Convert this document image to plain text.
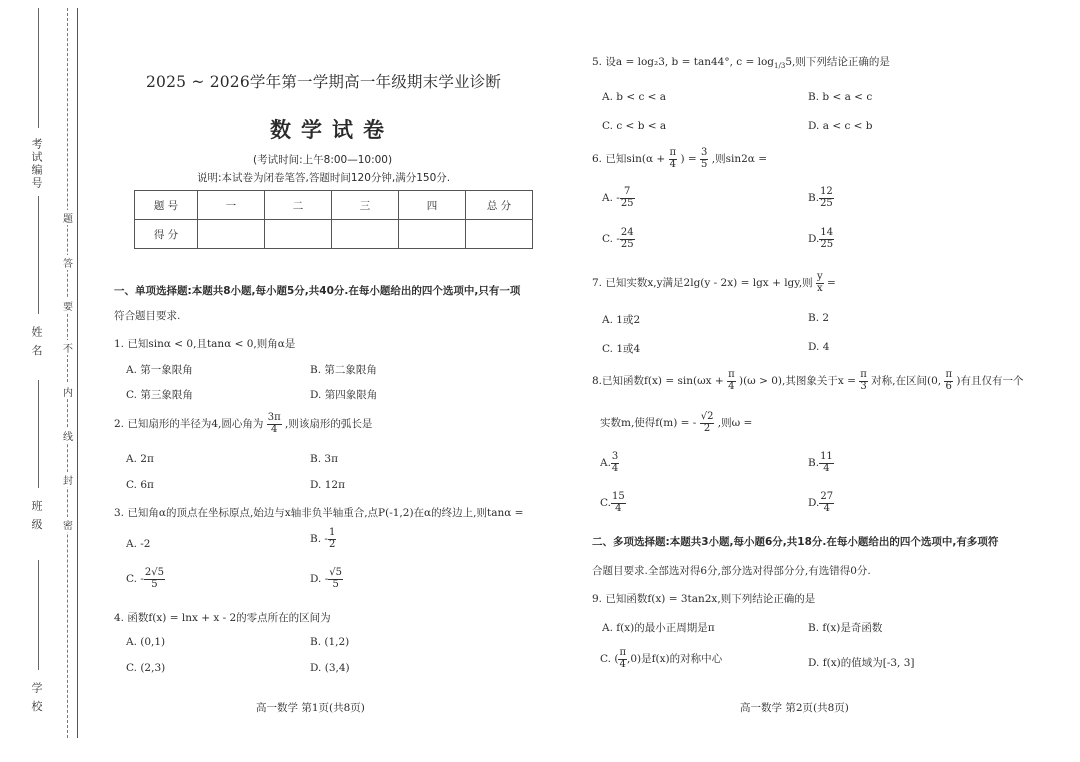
考试编号
姓 名
班 级
学 校
题
答
要
不
内
线
封
密
2025 ~ 2026学年第一学期高一年级期末学业诊断
数学试卷
(考试时间:上午8:00—10:00)
说明:本试卷为闭卷笔答,答题时间120分钟,满分150分.
题 号	一	二	三	四	总 分
得 分					
一、单项选择题:本题共8小题,每小题5分,共40分.在每小题给出的四个选项中,只有一项
符合题目要求.
1. 已知sinα < 0,且tanα < 0,则角α是
A. 第一象限角	B. 第二象限角
C. 第三象限角	D. 第四象限角
2. 已知扇形的半径为4,圆心角为 $\frac{3\pi}{4}$ ,则该扇形的弧长是
A. 2π	B. 3π
C. 6π	D. 12π
3. 已知角α的顶点在坐标原点,始边与x轴非负半轴重合,点P(-1,2)在α的终边上,则tanα =
A. -2	B. - $\frac{1}{2}$
C. - $\frac{2√5}{5}$	D. - $\frac{√5}{5}$
4. 函数f(x) = lnx + x - 2的零点所在的区间为
A. (0,1)	B. (1,2)
C. (2,3)	D. (3,4)
高一数学 第1页(共8页)
5. 设a = log₂3, b = tan44°, $c = \log_{1/3}5$,则下列结论正确的是
A. b < c < a	B. b < a < c
C. c < b < a	D. a < c < b
6. 已知$\sin(\alpha + \frac{\pi}{4}$ ) = $\frac{3}{5}$ ,则sin2α =
A. - $\frac{7}{25}$	B. $\frac{12}{25}$
C. - $\frac{24}{25}$	D. $\frac{14}{25}$
7. 已知实数x,y满足2lg(y - 2x) = lgx + lgy,则 $\frac{y}{x}$ =
A. 1或2	B. 2
C. 1或4	D. 4
8.已知函数$f(x) = \sin(\omega x + \frac{\pi}{4} )(\omega > 0)$,其图象关于$x = \frac{\pi}{3}$ 对称,在区间(0, $\frac{\pi}{6}$ )有且仅有一个
实数m,使得f(m) = - $\frac{√2}{2}$ ,则ω =
A. $\frac{3}{4}$	B. $\frac{11}{4}$
C. $\frac{15}{4}$	D. $\frac{27}{4}$
二、多项选择题:本题共3小题,每小题6分,共18分.在每小题给出的四个选项中,有多项符
合题目要求.全部选对得6分,部分选对得部分分,有选错得0分.
9. 已知函数f(x) = 3tan2x,则下列结论正确的是
A. f(x)的最小正周期是π	B. f(x)是奇函数
C. ( $\frac{\pi}{4} ,0$)是f(x)的对称中心	D. f(x)的值域为[-3, 3]
高一数学 第2页(共8页)
